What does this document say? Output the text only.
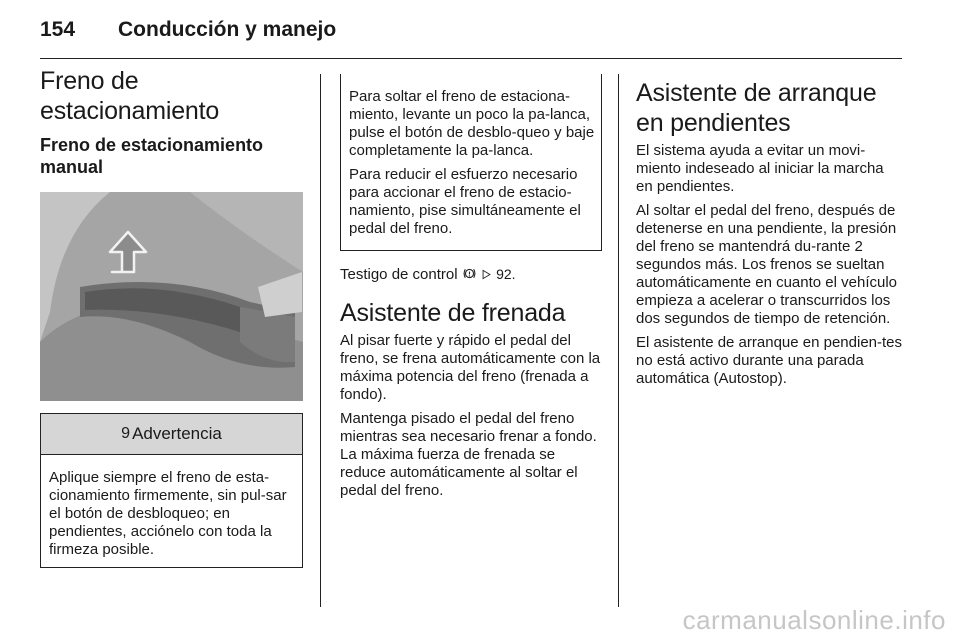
154 Conducción y manejo
Freno de estacionamiento
Freno de estacionamiento manual
9 Advertencia

Aplique siempre el freno de esta-cionamiento firmemente, sin pul-sar el botón de desbloqueo; en pendientes, acciónelo con toda la firmeza posible.

Para soltar el freno de estaciona-miento, levante un poco la pa-lanca, pulse el botón de desblo-queo y baje completamente la pa-lanca.

Para reducir el esfuerzo necesario para accionar el freno de estacio-namiento, pise simultáneamente el pedal del freno.

Testigo de control	92.

Asistente de frenada

Al pisar fuerte y rápido el pedal del freno, se frena automáticamente con la máxima potencia del freno (frenada a fondo).

Mantenga pisado el pedal del freno mientras sea necesario frenar a fondo. La máxima fuerza de frenada se reduce automáticamente al soltar el pedal del freno.

Asistente de arranque en pendientes

El sistema ayuda a evitar un movi-miento indeseado al iniciar la marcha en pendientes.

Al soltar el pedal del freno, después de detenerse en una pendiente, la presión del freno se mantendrá du-rante 2 segundos más. Los frenos se sueltan automáticamente en cuanto el vehículo empieza a acelerar o transcurridos los dos segundos de tiempo de retención.

El asistente de arranque en pendien-tes no está activo durante una parada automática (Autostop).

carmanualsonline.info
